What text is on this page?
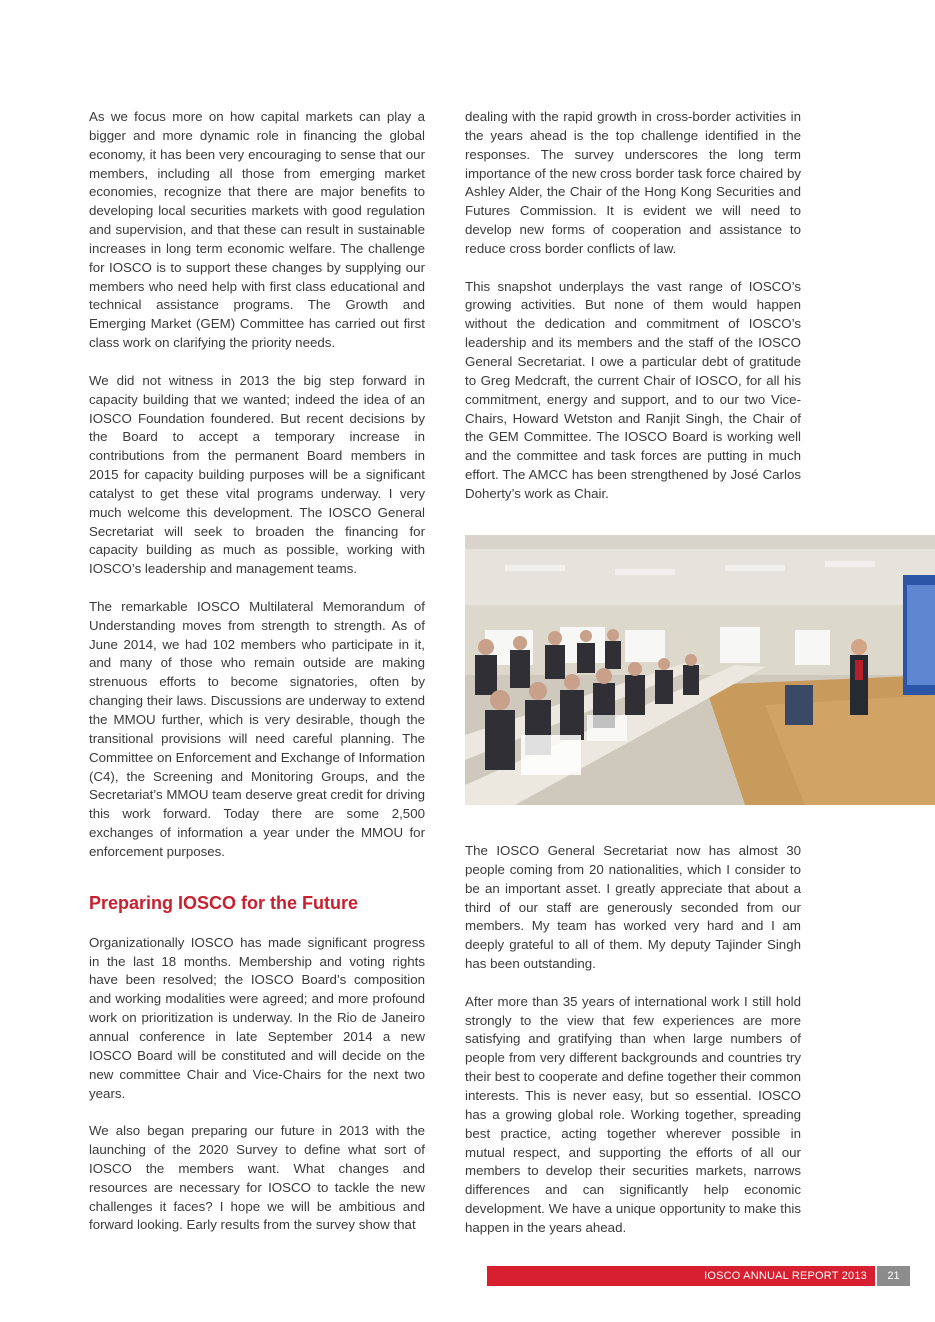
As we focus more on how capital markets can play a bigger and more dynamic role in financing the global economy, it has been very encouraging to sense that our members, including all those from emerging market economies, recognize that there are major benefits to developing local securities markets with good regulation and supervision, and that these can result in sustainable increases in long term economic welfare. The challenge for IOSCO is to support these changes by supplying our members who need help with first class educational and technical assistance programs. The Growth and Emerging Market (GEM) Committee has carried out first class work on clarifying the priority needs.

We did not witness in 2013 the big step forward in capacity building that we wanted; indeed the idea of an IOSCO Foundation foundered. But recent decisions by the Board to accept a temporary increase in contributions from the permanent Board members in 2015 for capacity building purposes will be a significant catalyst to get these vital programs underway. I very much welcome this development. The IOSCO General Secretariat will seek to broaden the financing for capacity building as much as possible, working with IOSCO’s leadership and management teams.

The remarkable IOSCO Multilateral Memorandum of Understanding moves from strength to strength. As of June 2014, we had 102 members who participate in it, and many of those who remain outside are making strenuous efforts to become signatories, often by changing their laws. Discussions are underway to extend the MMOU further, which is very desirable, though the transitional provisions will need careful planning. The Committee on Enforcement and Exchange of Information (C4), the Screening and Monitoring Groups, and the Secretariat’s MMOU team deserve great credit for driving this work forward. Today there are some 2,500 exchanges of information a year under the MMOU for enforcement purposes.

Preparing IOSCO for the Future

Organizationally IOSCO has made significant progress in the last 18 months. Membership and voting rights have been resolved; the IOSCO Board’s composition and working modalities were agreed; and more profound work on prioritization is underway. In the Rio de Janeiro annual conference in late September 2014 a new IOSCO Board will be constituted and will decide on the new committee Chair and Vice-Chairs for the next two years.

We also began preparing our future in 2013 with the launching of the 2020 Survey to define what sort of IOSCO the members want. What changes and resources are necessary for IOSCO to tackle the new challenges it faces? I hope we will be ambitious and forward looking. Early results from the survey show that

dealing with the rapid growth in cross-border activities in the years ahead is the top challenge identified in the responses. The survey underscores the long term importance of the new cross border task force chaired by Ashley Alder, the Chair of the Hong Kong Securities and Futures Commission. It is evident we will need to develop new forms of cooperation and assistance to reduce cross border conflicts of law.

This snapshot underplays the vast range of IOSCO’s growing activities. But none of them would happen without the dedication and commitment of IOSCO’s leadership and its members and the staff of the IOSCO General Secretariat. I owe a particular debt of gratitude to Greg Medcraft, the current Chair of IOSCO, for all his commitment, energy and support, and to our two Vice-Chairs, Howard Wetston and Ranjit Singh, the Chair of the GEM Committee. The IOSCO Board is working well and the committee and task forces are putting in much effort. The AMCC has been strengthened by José Carlos Doherty’s work as Chair.

The IOSCO General Secretariat now has almost 30 people coming from 20 nationalities, which I consider to be an important asset. I greatly appreciate that about a third of our staff are generously seconded from our members. My team has worked very hard and I am deeply grateful to all of them. My deputy Tajinder Singh has been outstanding.

After more than 35 years of international work I still hold strongly to the view that few experiences are more satisfying and gratifying than when large numbers of people from very different backgrounds and countries try their best to cooperate and define together their common interests. This is never easy, but so essential. IOSCO has a growing global role. Working together, spreading best practice, acting together wherever possible in mutual respect, and supporting the efforts of all our members to develop their securities markets, narrows differences and can significantly help economic development. We have a unique opportunity to make this happen in the years ahead.

IOSCO ANNUAL REPORT 2013	21
